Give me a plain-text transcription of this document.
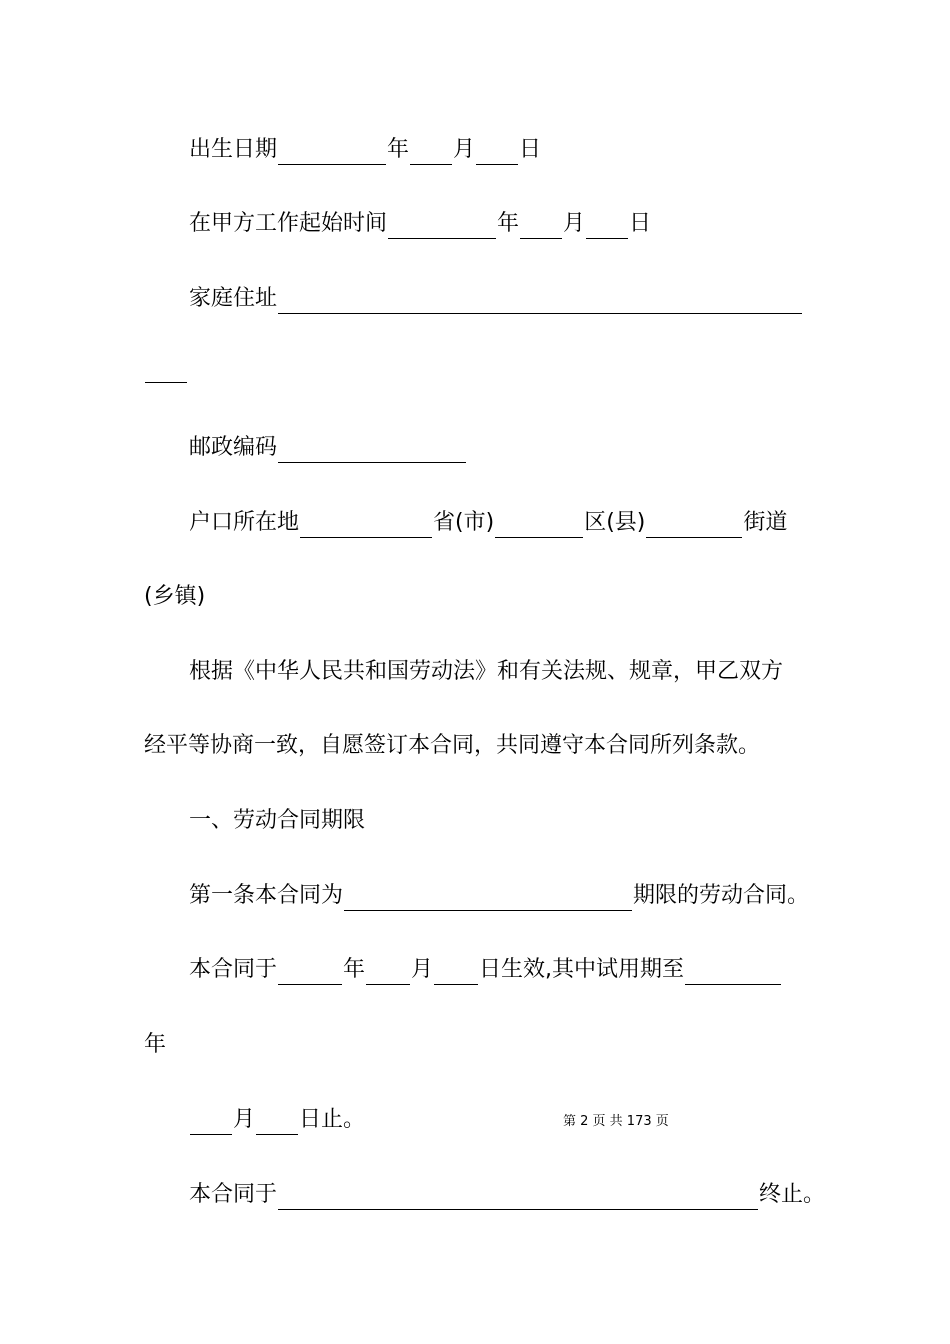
出生日期	年 月 日
在甲方工作起始时间	年 月 日
家庭住址
邮政编码
户口所在地	省(市)	区(县)	街道
(乡镇)
根据《中华人民共和国劳动法》和有关法规、规章，甲乙双方
经平等协商一致，自愿签订本合同，共同遵守本合同所列条款。
一、劳动合同期限
第一条本合同为	期限的劳动合同。
本合同于	年 月 日生效,其中试用期至
年
月 日止。	第 2 页 共 173 页
本合同于	终止。
